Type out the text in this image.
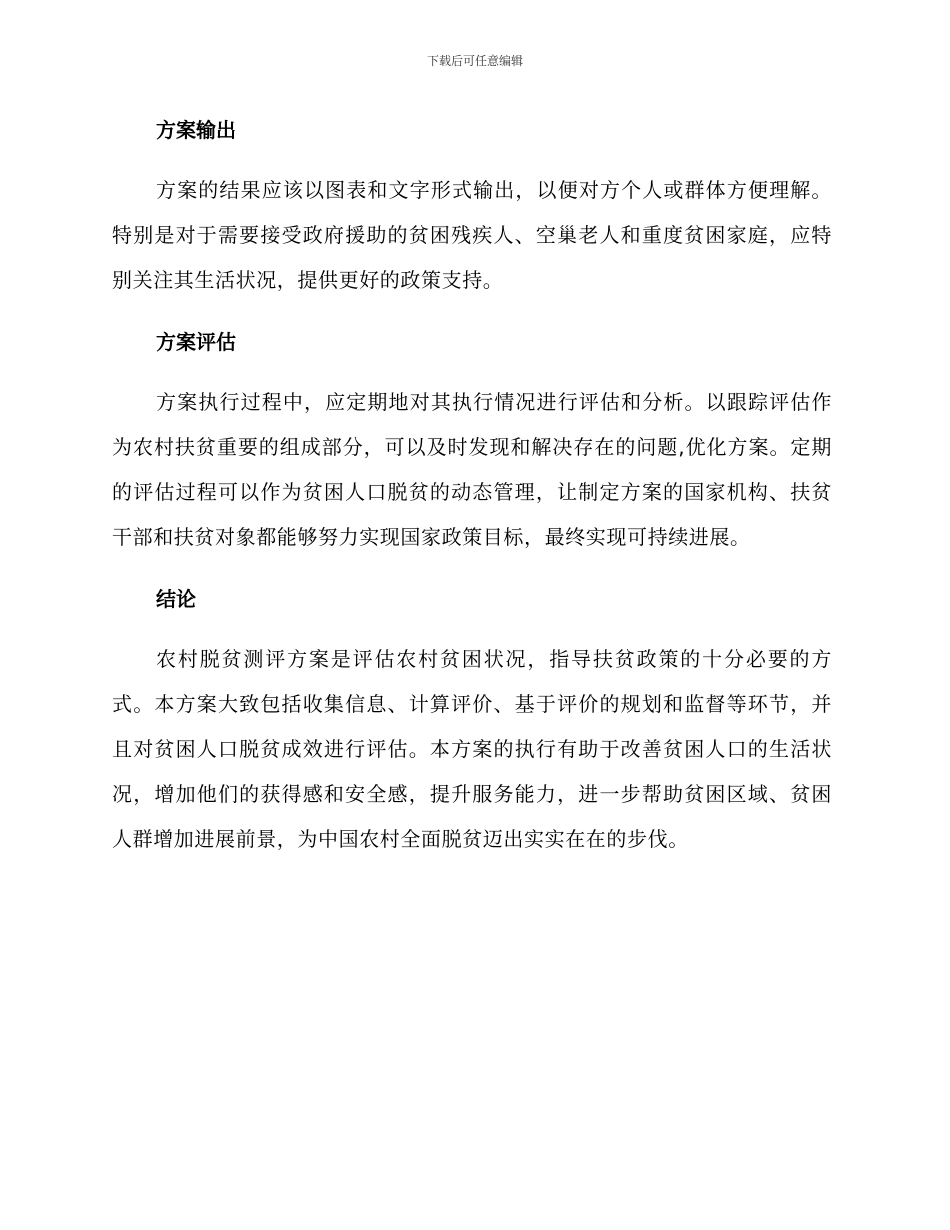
下载后可任意编辑
方案输出

方案的结果应该以图表和文字形式输出，以便对方个人或群体方便理解。特别是对于需要接受政府援助的贫困残疾人、空巢老人和重度贫困家庭，应特别关注其生活状况，提供更好的政策支持。

方案评估

方案执行过程中，应定期地对其执行情况进行评估和分析。以跟踪评估作为农村扶贫重要的组成部分，可以及时发现和解决存在的问题,优化方案。定期的评估过程可以作为贫困人口脱贫的动态管理，让制定方案的国家机构、扶贫干部和扶贫对象都能够努力实现国家政策目标，最终实现可持续进展。

结论

农村脱贫测评方案是评估农村贫困状况，指导扶贫政策的十分必要的方式。本方案大致包括收集信息、计算评价、基于评价的规划和监督等环节，并且对贫困人口脱贫成效进行评估。本方案的执行有助于改善贫困人口的生活状况，增加他们的获得感和安全感，提升服务能力，进一步帮助贫困区域、贫困人群增加进展前景，为中国农村全面脱贫迈出实实在在的步伐。
